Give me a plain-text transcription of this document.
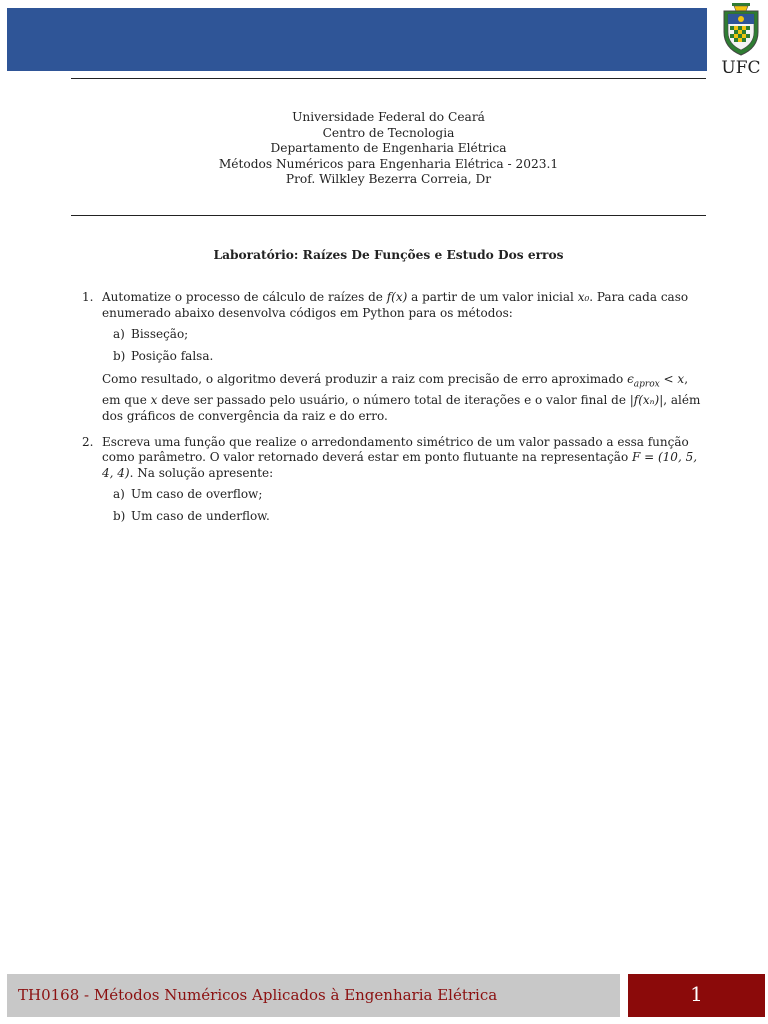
UFC
Universidade Federal do Ceará
Centro de Tecnologia
Departamento de Engenharia Elétrica
Métodos Numéricos para Engenharia Elétrica - 2023.1
Prof. Wilkley Bezerra Correia, Dr
Laboratório: Raízes De Funções e Estudo Dos erros
1. Automatize o processo de cálculo de raízes de f(x) a partir de um valor inicial x₀. Para cada caso enumerado abaixo desenvolva códigos em Python para os métodos:
a) Bisseção;
b) Posição falsa.
Como resultado, o algoritmo deverá produzir a raiz com precisão de erro aproximado $\epsilon_{aprox} < x$, em que x deve ser passado pelo usuário, o número total de iterações e o valor final de |f(xₙ)|, além dos gráficos de convergência da raiz e do erro.
2. Escreva uma função que realize o arredondamento simétrico de um valor passado a essa função como parâmetro. O valor retornado deverá estar em ponto flutuante na representação F = (10, 5, 4, 4). Na solução apresente:
a) Um caso de overflow;
b) Um caso de underflow.
TH0168 - Métodos Numéricos Aplicados à Engenharia Elétrica	1
